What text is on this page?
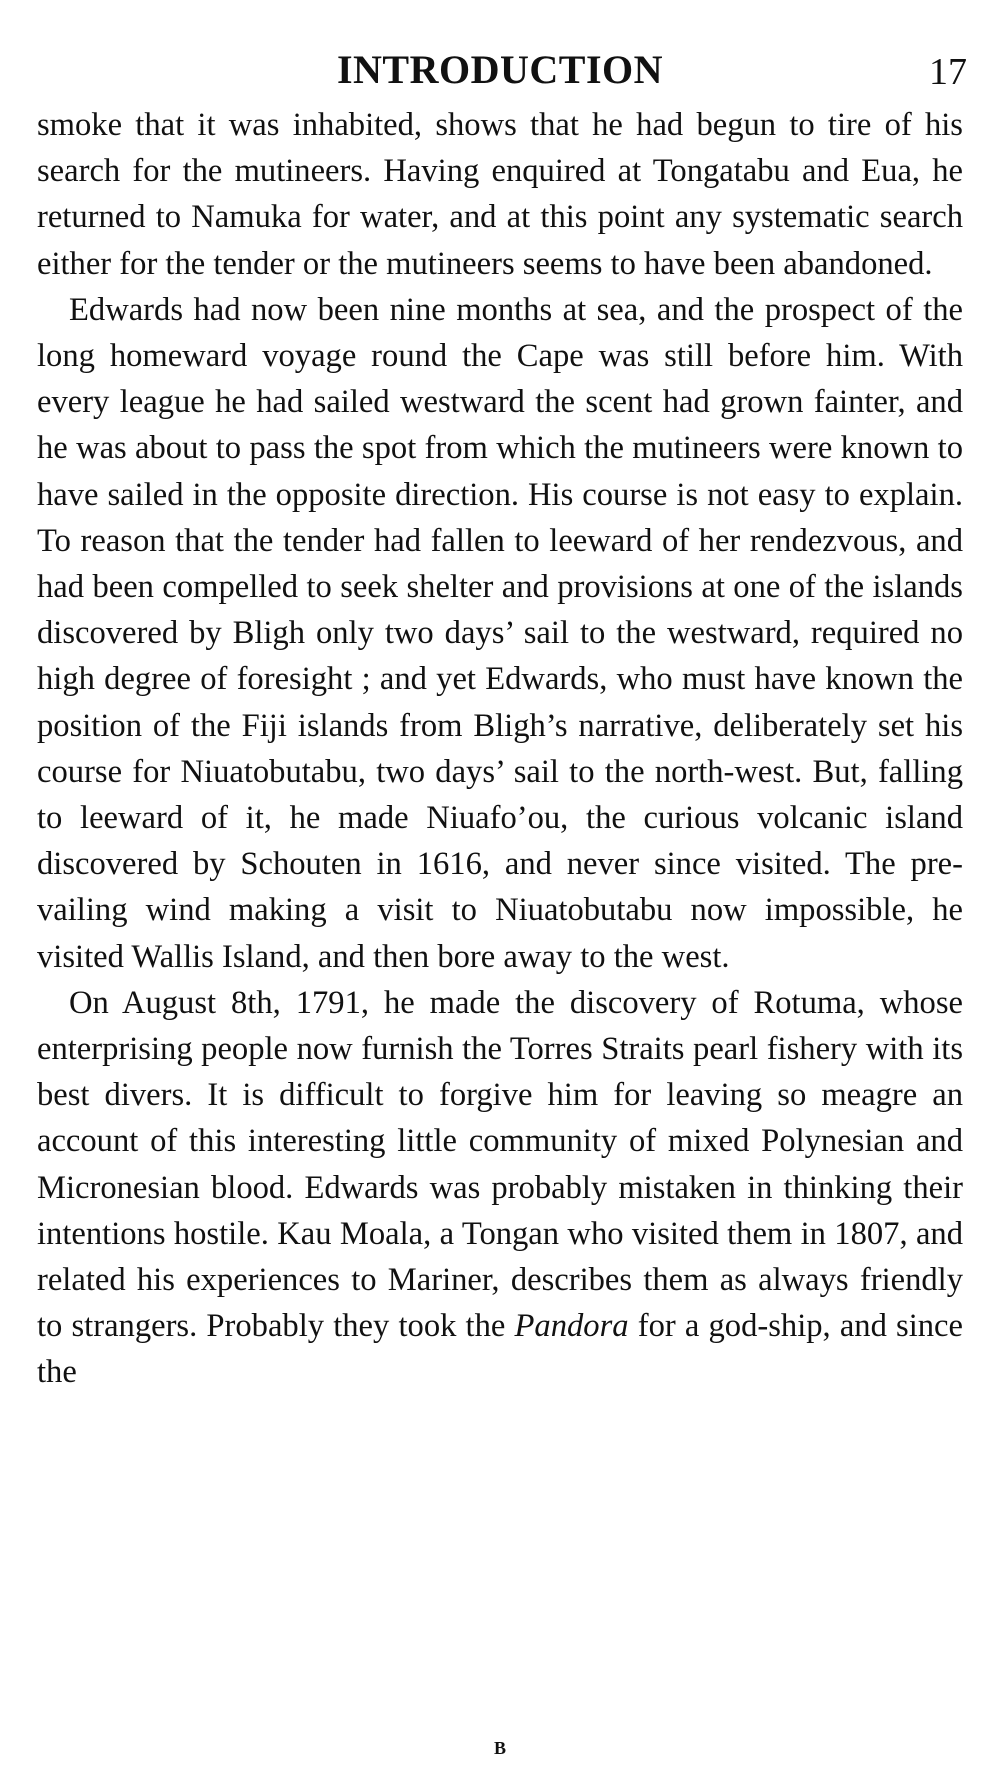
INTRODUCTION	17

smoke that it was inhabited, shows that he had begun to tire of his search for the mutineers. Having enquired at Tongatabu and Eua, he returned to Namuka for water, and at this point any systematic search either for the tender or the mutineers seems to have been abandoned.

Edwards had now been nine months at sea, and the prospect of the long homeward voyage round the Cape was still before him. With every league he had sailed westward the scent had grown fainter, and he was about to pass the spot from which the mutineers were known to have sailed in the opposite direction. His course is not easy to explain. To reason that the tender had fallen to leeward of her rendezvous, and had been compelled to seek shelter and provisions at one of the islands discovered by Bligh only two days’ sail to the westward, required no high degree of foresight ; and yet Edwards, who must have known the position of the Fiji islands from Bligh’s narrative, deliberately set his course for Niuatobutabu, two days’ sail to the north-west. But, falling to leeward of it, he made Niuafo’ou, the curious volcanic island discovered by Schouten in 1616, and never since visited. The prevailing wind making a visit to Niuatobutabu now impossible, he visited Wallis Island, and then bore away to the west.

On August 8th, 1791, he made the discovery of Rotuma, whose enterprising people now furnish the Torres Straits pearl fishery with its best divers. It is difficult to forgive him for leaving so meagre an account of this interesting little community of mixed Polynesian and Micronesian blood. Edwards was probably mistaken in thinking their intentions hostile. Kau Moala, a Tongan who visited them in 1807, and related his experiences to Mariner, describes them as always friendly to strangers. Probably they took the Pandora for a god-ship, and since the

B
